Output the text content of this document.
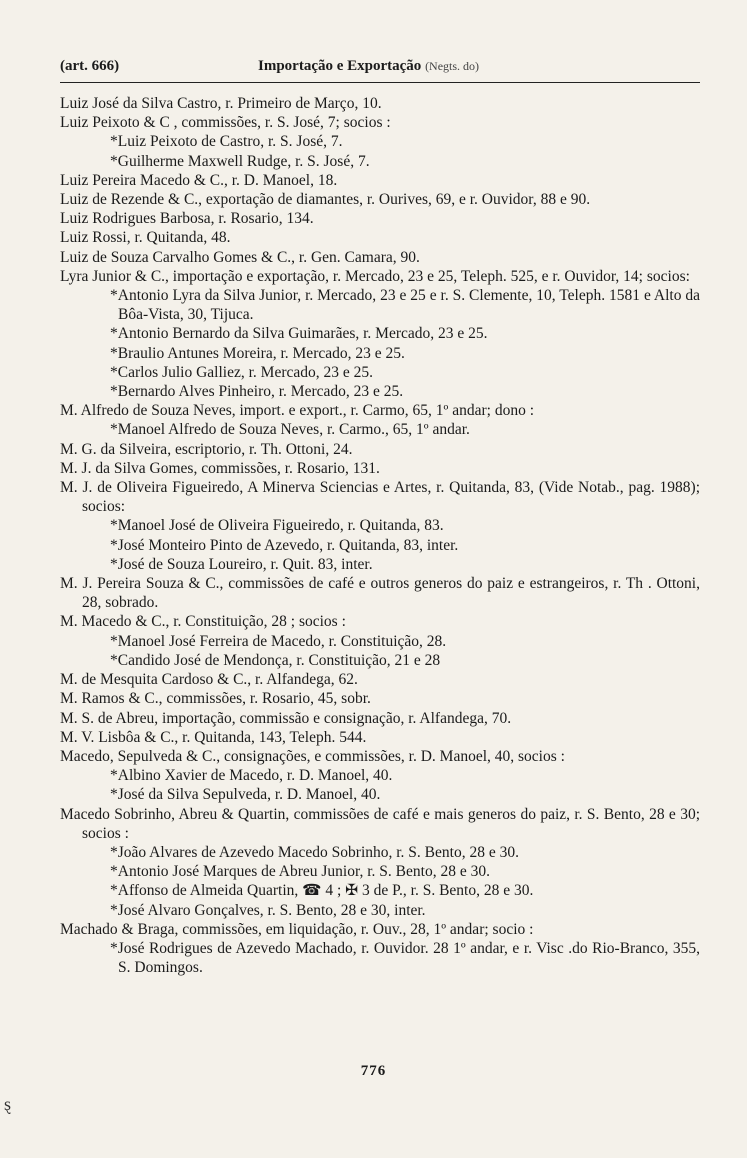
(art. 666)	Importação e Exportação (Negts. do)

Luiz José da Silva Castro, r. Primeiro de Março, 10.

Luiz Peixoto & C , commissões, r. S. José, 7; socios :

*Luiz Peixoto de Castro, r. S. José, 7.

*Guilherme Maxwell Rudge, r. S. José, 7.

Luiz Pereira Macedo & C., r. D. Manoel, 18.

Luiz de Rezende & C., exportação de diamantes, r. Ourives, 69, e r. Ouvidor, 88 e 90.

Luiz Rodrigues Barbosa, r. Rosario, 134.

Luiz Rossi, r. Quitanda, 48.

Luiz de Souza Carvalho Gomes & C., r. Gen. Camara, 90.

Lyra Junior & C., importação e exportação, r. Mercado, 23 e 25, Teleph. 525, e r. Ouvidor, 14; socios:

*Antonio Lyra da Silva Junior, r. Mercado, 23 e 25 e r. S. Clemente, 10, Teleph. 1581 e Alto da Bôa-Vista, 30, Tijuca.

*Antonio Bernardo da Silva Guimarães, r. Mercado, 23 e 25.

*Braulio Antunes Moreira, r. Mercado, 23 e 25.

*Carlos Julio Galliez, r. Mercado, 23 e 25.

*Bernardo Alves Pinheiro, r. Mercado, 23 e 25.

M. Alfredo de Souza Neves, import. e export., r. Carmo, 65, 1º andar; dono :

*Manoel Alfredo de Souza Neves, r. Carmo., 65, 1º andar.

M. G. da Silveira, escriptorio, r. Th. Ottoni, 24.

M. J. da Silva Gomes, commissões, r. Rosario, 131.

M. J. de Oliveira Figueiredo, A Minerva Sciencias e Artes, r. Quitanda, 83, (Vide Notab., pag. 1988); socios:

*Manoel José de Oliveira Figueiredo, r. Quitanda, 83.

*José Monteiro Pinto de Azevedo, r. Quitanda, 83, inter.

*José de Souza Loureiro, r. Quit. 83, inter.

M. J. Pereira Souza & C., commissões de café e outros generos do paiz e estrangeiros, r. Th . Ottoni, 28, sobrado.

M. Macedo & C., r. Constituição, 28 ; socios :

*Manoel José Ferreira de Macedo, r. Constituição, 28.

*Candido José de Mendonça, r. Constituição, 21 e 28

M. de Mesquita Cardoso & C., r. Alfandega, 62.

M. Ramos & C., commissões, r. Rosario, 45, sobr.

M. S. de Abreu, importação, commissão e consignação, r. Alfandega, 70.

M. V. Lisbôa & C., r. Quitanda, 143, Teleph. 544.

Macedo, Sepulveda & C., consignações, e commissões, r. D. Manoel, 40, socios :

*Albino Xavier de Macedo, r. D. Manoel, 40.

*José da Silva Sepulveda, r. D. Manoel, 40.

Macedo Sobrinho, Abreu & Quartin, commissões de café e mais generos do paiz, r. S. Bento, 28 e 30; socios :

*João Alvares de Azevedo Macedo Sobrinho, r. S. Bento, 28 e 30.

*Antonio José Marques de Abreu Junior, r. S. Bento, 28 e 30.

*Affonso de Almeida Quartin, ☎ 4 ; ✠ 3 de P., r. S. Bento, 28 e 30.

*José Alvaro Gonçalves, r. S. Bento, 28 e 30, inter.

Machado & Braga, commissões, em liquidação, r. Ouv., 28, 1º andar; socio :

*José Rodrigues de Azevedo Machado, r. Ouvidor. 28 1º andar, e r. Visc .do Rio-Branco, 355, S. Domingos.

776
ȿ
